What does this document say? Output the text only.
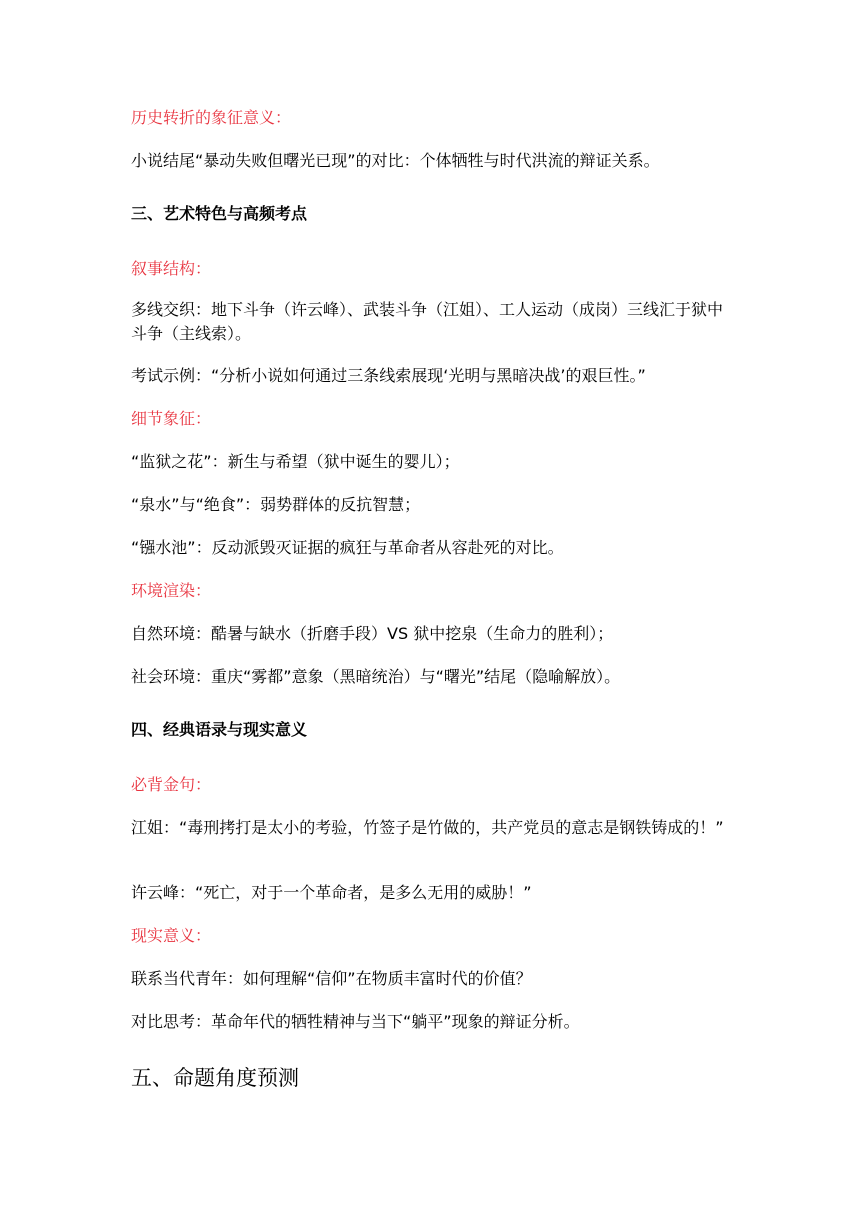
历史转折的象征意义：

小说结尾“暴动失败但曙光已现”的对比：个体牺牲与时代洪流的辩证关系。

三、艺术特色与高频考点

叙事结构：

多线交织：地下斗争（许云峰）、武装斗争（江姐）、工人运动（成岗）三线汇于狱中斗争（主线索）。

考试示例：“分析小说如何通过三条线索展现‘光明与黑暗决战’的艰巨性。”

细节象征：

“监狱之花”：新生与希望（狱中诞生的婴儿）；

“泉水”与“绝食”：弱势群体的反抗智慧；

“镪水池”：反动派毁灭证据的疯狂与革命者从容赴死的对比。

环境渲染：

自然环境：酷暑与缺水（折磨手段）VS 狱中挖泉（生命力的胜利）；

社会环境：重庆“雾都”意象（黑暗统治）与“曙光”结尾（隐喻解放）。

四、经典语录与现实意义

必背金句：

江姐：“毒刑拷打是太小的考验，竹签子是竹做的，共产党员的意志是钢铁铸成的！”

许云峰：“死亡，对于一个革命者，是多么无用的威胁！”

现实意义：

联系当代青年：如何理解“信仰”在物质丰富时代的价值？

对比思考：革命年代的牺牲精神与当下“躺平”现象的辩证分析。

五、命题角度预测
